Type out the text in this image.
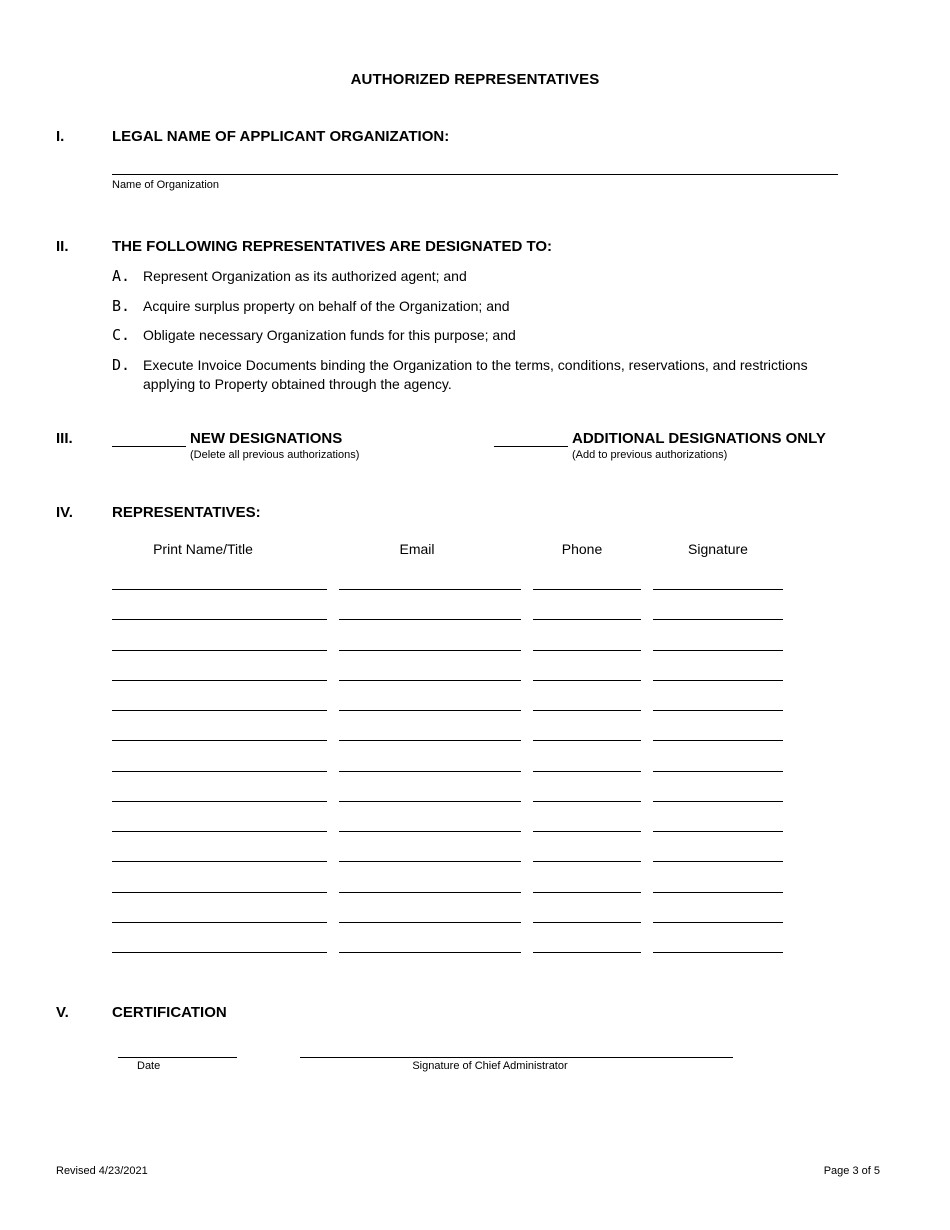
AUTHORIZED REPRESENTATIVES
I.	LEGAL NAME OF APPLICANT ORGANIZATION:
Name of Organization
II.	THE FOLLOWING REPRESENTATIVES ARE DESIGNATED TO:
A. Represent Organization as its authorized agent; and
B. Acquire surplus property on behalf of the Organization; and
C. Obligate necessary Organization funds for this purpose; and
D. Execute Invoice Documents binding the Organization to the terms, conditions, reservations, and restrictions
applying to Property obtained through the agency.
III.	NEW DESIGNATIONS
(Delete all previous authorizations)
ADDITIONAL DESIGNATIONS ONLY
(Add to previous authorizations)
IV.	REPRESENTATIVES:
Print Name/Title	Email	Phone	Signature
V.	CERTIFICATION
Date	Signature of Chief Administrator
Revised 4/23/2021	Page 3 of 5
